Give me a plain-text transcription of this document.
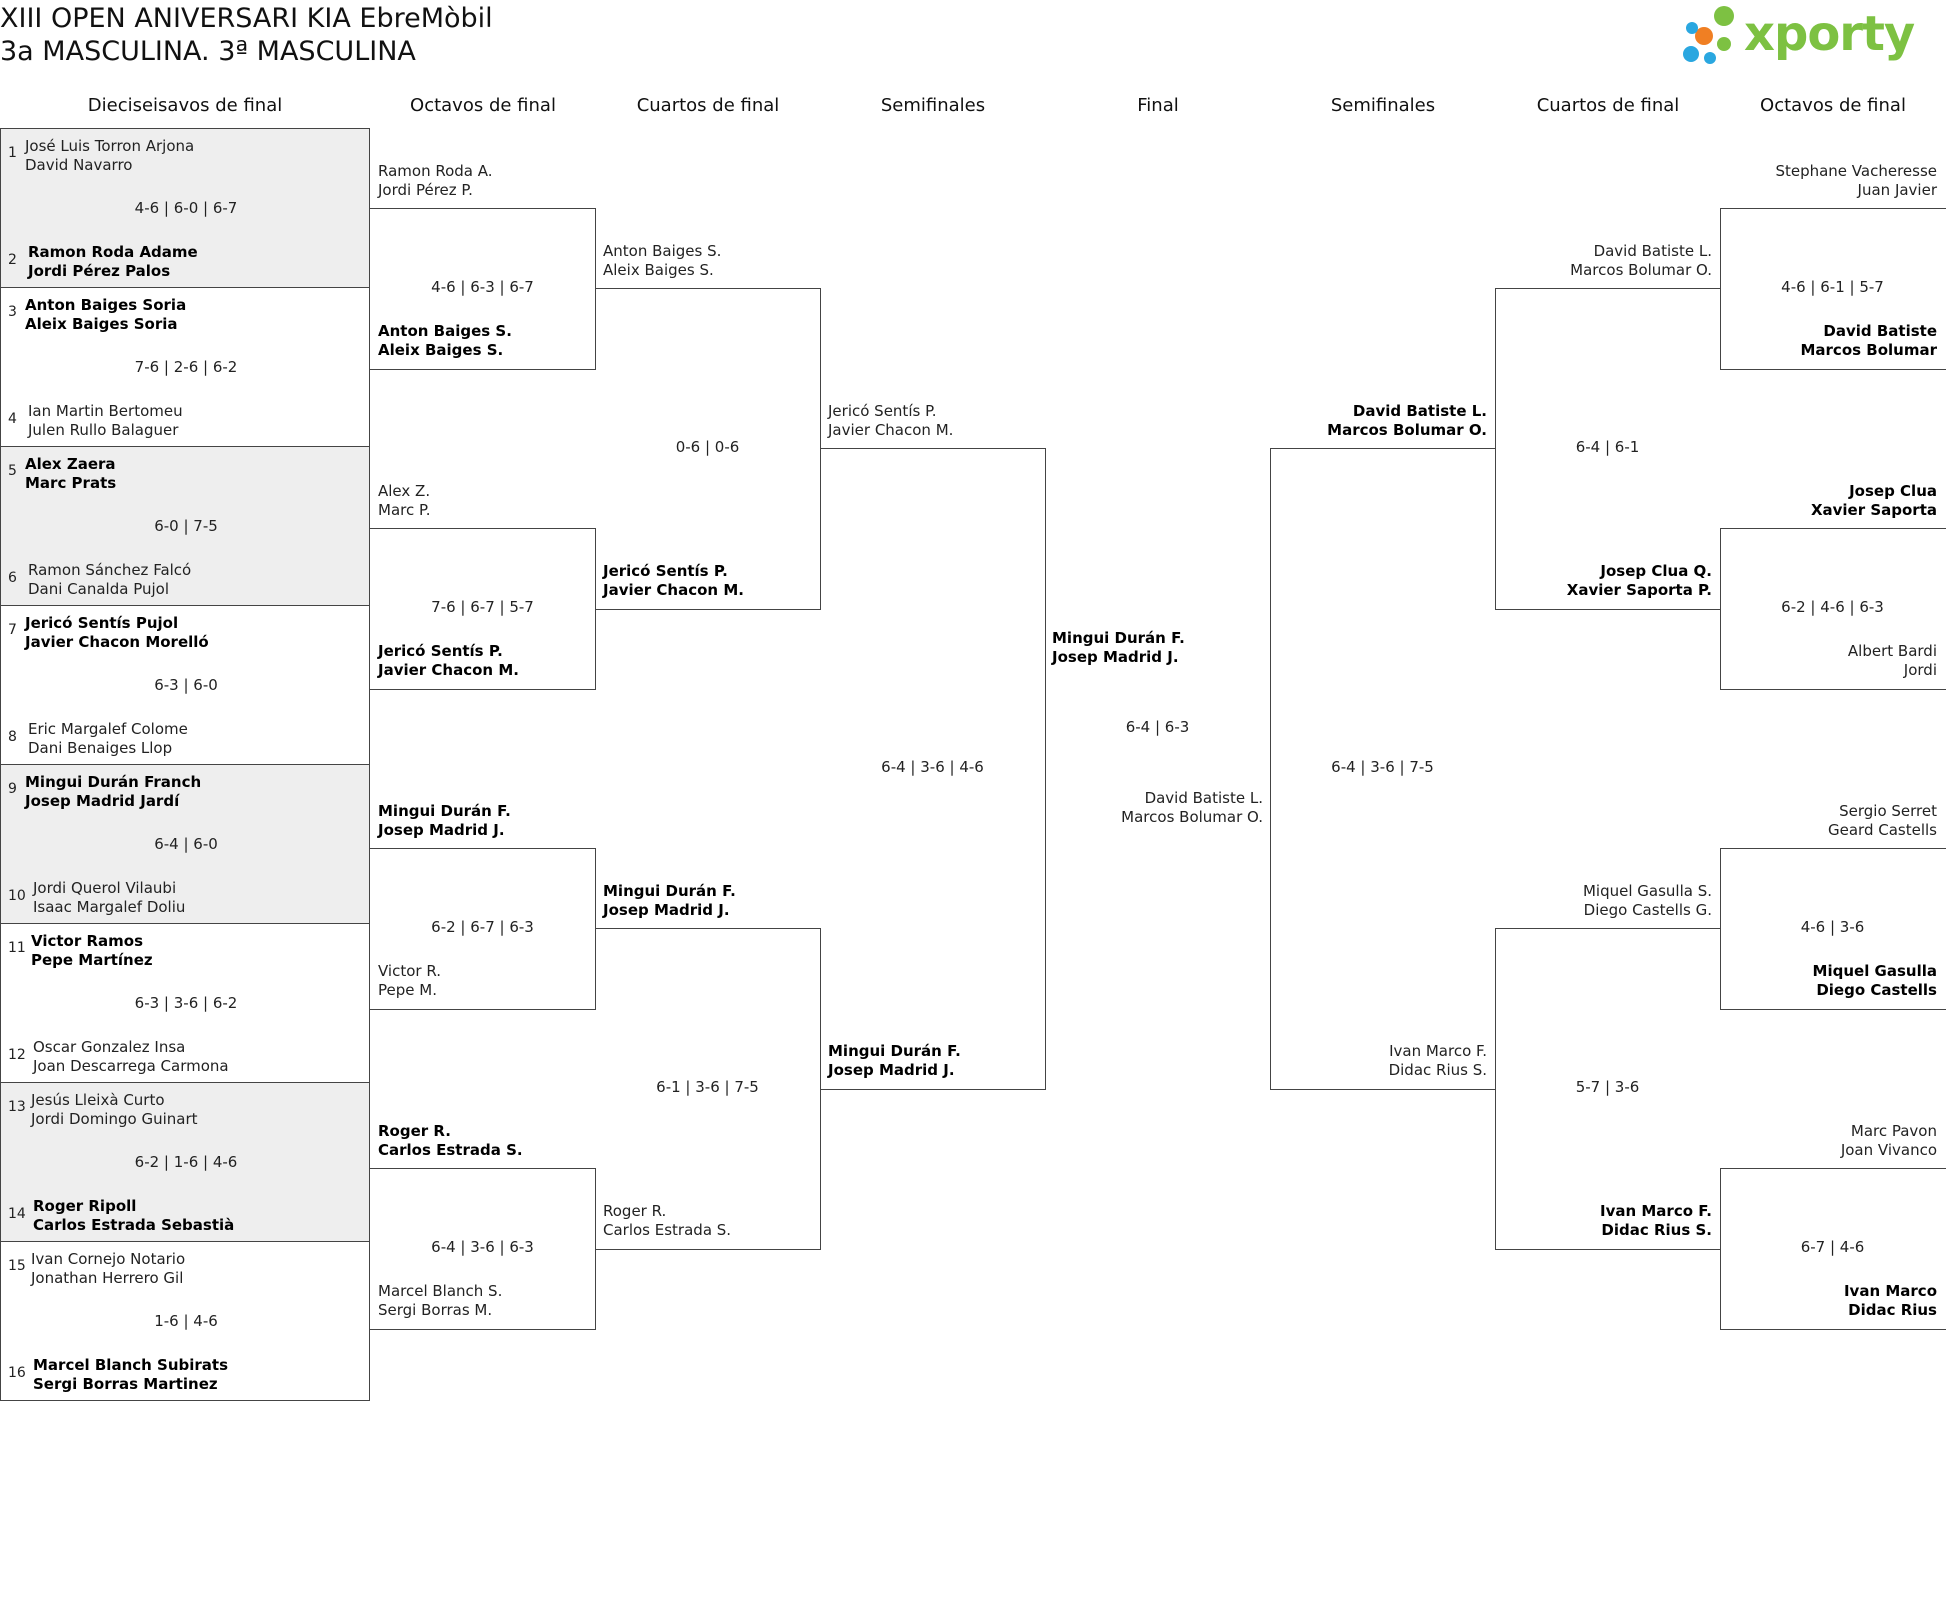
XIII OPEN ANIVERSARI KIA EbreMòbil
3a MASCULINA. 3ª MASCULINA	xporty
Dieciseisavos de final	Octavos de final	Cuartos de final	Semifinales	Final	Semifinales	Cuartos de final	Octavos de final
1 José Luis Torron Arjona
David Navarro
4-6 | 6-0 | 6-7
2 Ramon Roda Adame
Jordi Pérez Palos
3 Anton Baiges Soria
Aleix Baiges Soria
7-6 | 2-6 | 6-2
4 Ian Martin Bertomeu
Julen Rullo Balaguer
5 Alex Zaera
Marc Prats
6-0 | 7-5
6 Ramon Sánchez Falcó
Dani Canalda Pujol
7 Jericó Sentís Pujol
Javier Chacon Morelló
6-3 | 6-0
8 Eric Margalef Colome
Dani Benaiges Llop
9 Mingui Durán Franch
Josep Madrid Jardí
6-4 | 6-0
10 Jordi Querol Vilaubi
Isaac Margalef Doliu
11 Victor Ramos
Pepe Martínez
6-3 | 3-6 | 6-2
12 Oscar Gonzalez Insa
Joan Descarrega Carmona
13 Jesús Lleixà Curto
Jordi Domingo Guinart
6-2 | 1-6 | 4-6
14 Roger Ripoll
Carlos Estrada Sebastià
15 Ivan Cornejo Notario
Jonathan Herrero Gil
1-6 | 4-6
16 Marcel Blanch Subirats
Sergi Borras Martinez
Ramon Roda A.
Jordi Pérez P.
Anton Baiges S.
Aleix Baiges S.
4-6 | 6-3 | 6-7
Alex Z.
Marc P.
Jericó Sentís P.
Javier Chacon M.
7-6 | 6-7 | 5-7
Mingui Durán F.
Josep Madrid J.
Victor R.
Pepe M.
6-2 | 6-7 | 6-3
Roger R.
Carlos Estrada S.
Marcel Blanch S.
Sergi Borras M.
6-4 | 3-6 | 6-3
Anton Baiges S.
Aleix Baiges S.
Jericó Sentís P.
Javier Chacon M.
0-6 | 0-6
Mingui Durán F.
Josep Madrid J.
Roger R.
Carlos Estrada S.
6-1 | 3-6 | 7-5
Jericó Sentís P.
Javier Chacon M.
Mingui Durán F.
Josep Madrid J.
6-4 | 3-6 | 4-6
Mingui Durán F.
Josep Madrid J.
6-4 | 6-3
David Batiste L.
Marcos Bolumar O.
David Batiste L.
Marcos Bolumar O.
Ivan Marco F.
Didac Rius S.
6-4 | 3-6 | 7-5
David Batiste L.
Marcos Bolumar O.
Josep Clua Q.
Xavier Saporta P.
6-4 | 6-1
Miquel Gasulla S.
Diego Castells G.
Ivan Marco F.
Didac Rius S.
5-7 | 3-6
Stephane Vacheresse
Juan Javier
David Batiste
Marcos Bolumar
4-6 | 6-1 | 5-7
Josep Clua
Xavier Saporta
Albert Bardi
Jordi
6-2 | 4-6 | 6-3
Sergio Serret
Geard Castells
Miquel Gasulla
Diego Castells
4-6 | 3-6
Marc Pavon
Joan Vivanco
Ivan Marco
Didac Rius
6-7 | 4-6
